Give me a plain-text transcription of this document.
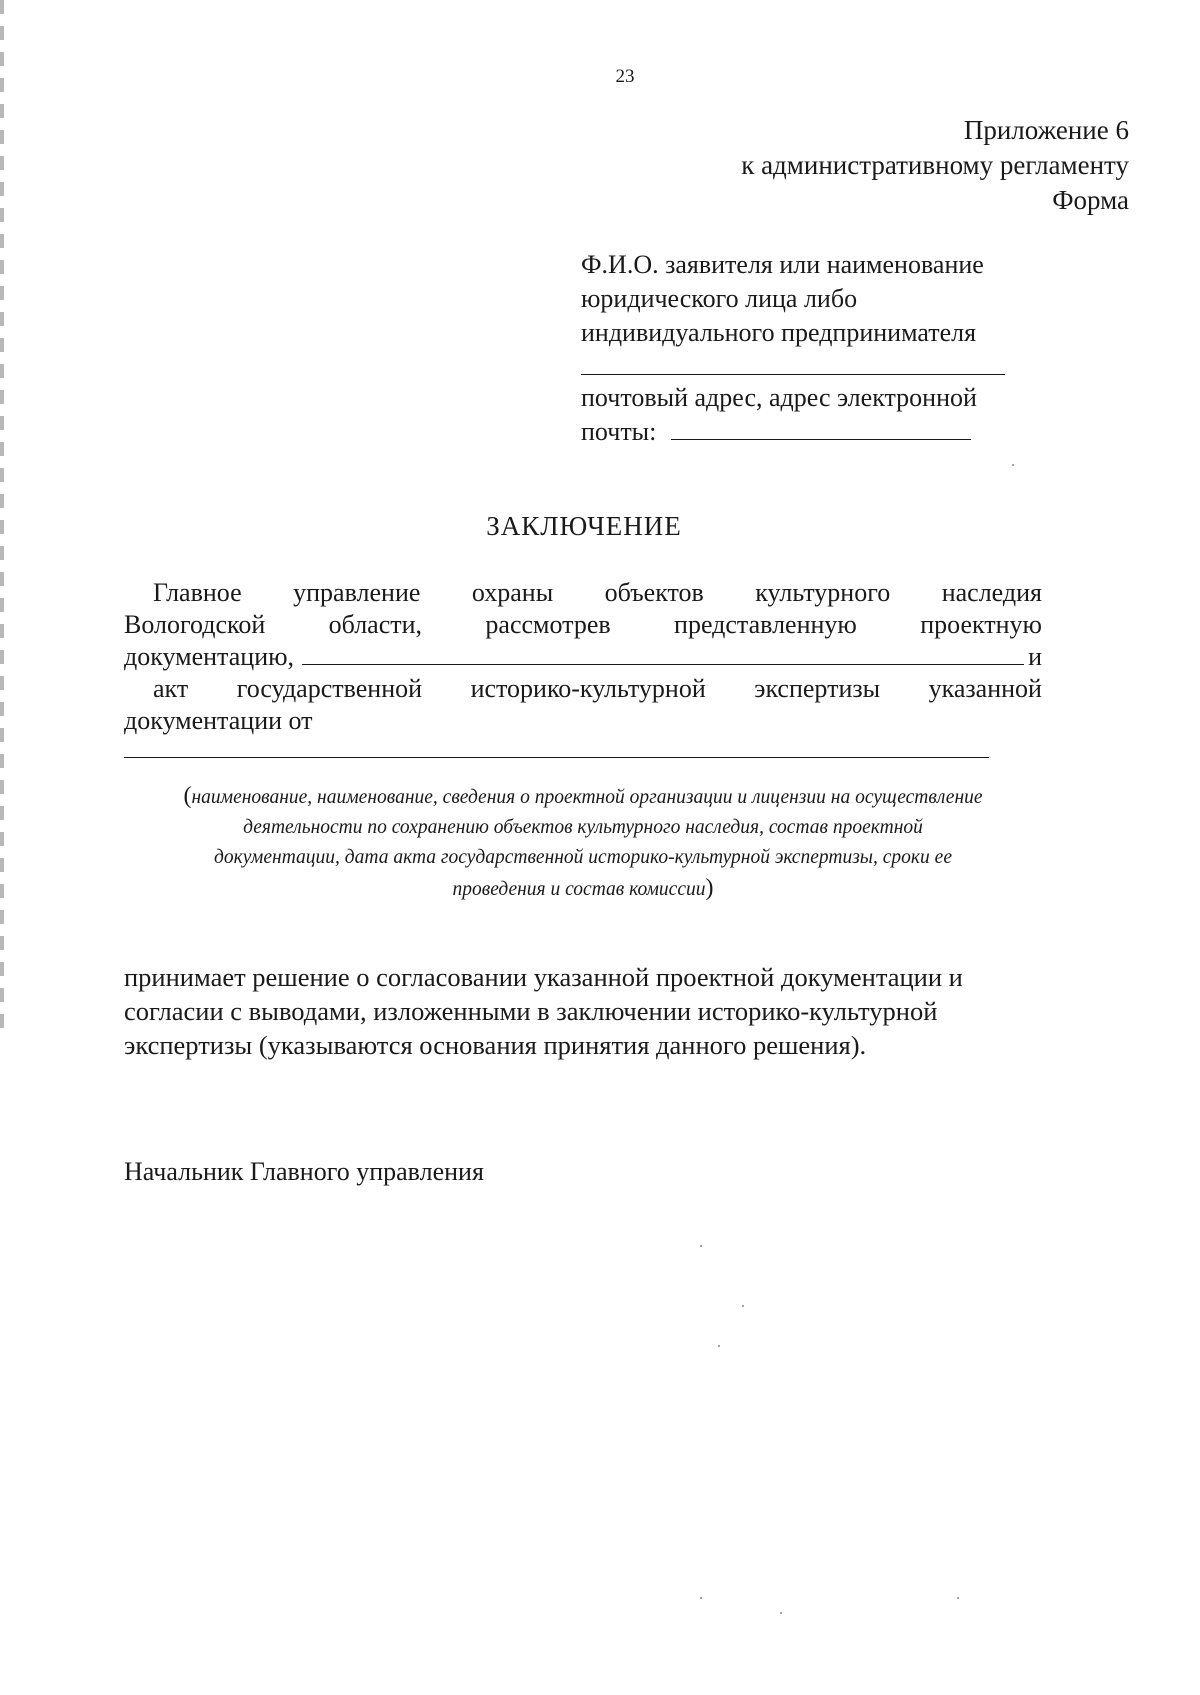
23
Приложение 6
к административному регламенту
Форма
Ф.И.О. заявителя или наименование
юридического лица либо
индивидуального предпринимателя
почтовый адрес, адрес электронной
почты:
ЗАКЛЮЧЕНИЕ
Главное управление охраны объектов культурного наследия
Вологодской области, рассмотрев представленную проектную
документацию,	и
акт государственной историко-культурной экспертизы указанной
документации от
(наименование, наименование, сведения о проектной организации и лицензии на осуществление
деятельности по сохранению объектов культурного наследия, состав проектной
документации, дата акта государственной историко-культурной экспертизы, сроки ее
проведения и состав комиссии)
принимает решение о согласовании указанной проектной документации и
согласии с выводами, изложенными в заключении историко-культурной
экспертизы (указываются основания принятия данного решения).
Начальник Главного управления
